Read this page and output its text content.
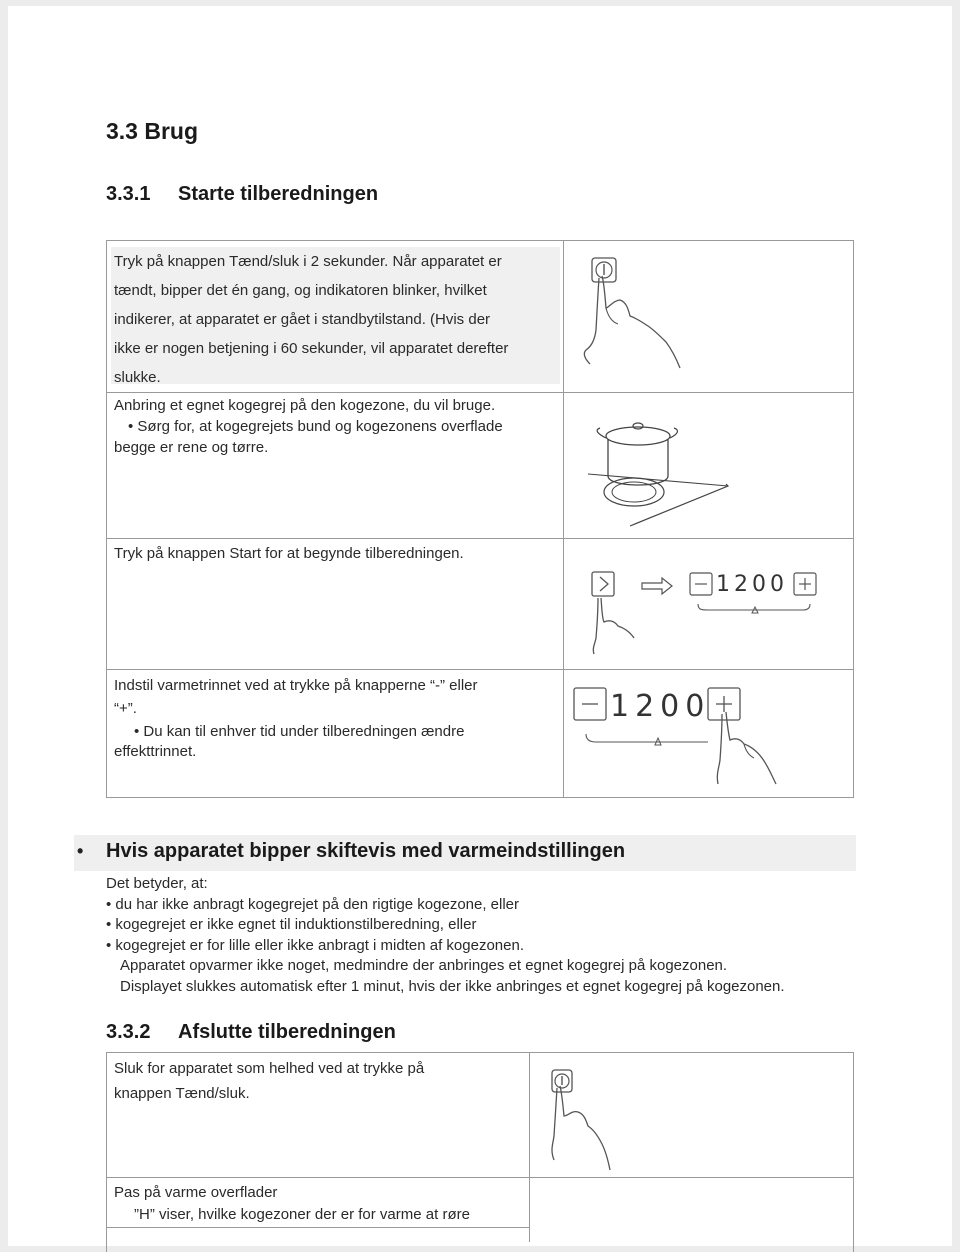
3.3 Brug
3.3.1 Starte tilberedningen
Tryk på knappen Tænd/sluk i 2 sekunder. Når apparatet er
tændt, bipper det én gang, og indikatoren blinker, hvilket
indikerer, at apparatet er gået i standbytilstand. (Hvis der
ikke er nogen betjening i 60 sekunder, vil apparatet derefter
slukke.
Anbring et egnet kogegrej på den kogezone, du vil bruge.
• Sørg for, at kogegrejets bund og kogezonens overflade
begge er rene og tørre.
Tryk på knappen Start for at begynde tilberedningen.
1200
Indstil varmetrinnet ved at trykke på knapperne “-” eller
“+”.
• Du kan til enhver tid under tilberedningen ændre
effekttrinnet.
1200
• Hvis apparatet bipper skiftevis med varmeindstillingen
Det betyder, at:
• du har ikke anbragt kogegrejet på den rigtige kogezone, eller
• kogegrejet er ikke egnet til induktionstilberedning, eller
• kogegrejet er for lille eller ikke anbragt i midten af kogezonen.
Apparatet opvarmer ikke noget, medmindre der anbringes et egnet kogegrej på kogezonen.
Displayet slukkes automatisk efter 1 minut, hvis der ikke anbringes et egnet kogegrej på kogezonen.
3.3.2 Afslutte tilberedningen
Sluk for apparatet som helhed ved at trykke på
knappen Tænd/sluk.
Pas på varme overflader
”H” viser, hvilke kogezoner der er for varme at røre
